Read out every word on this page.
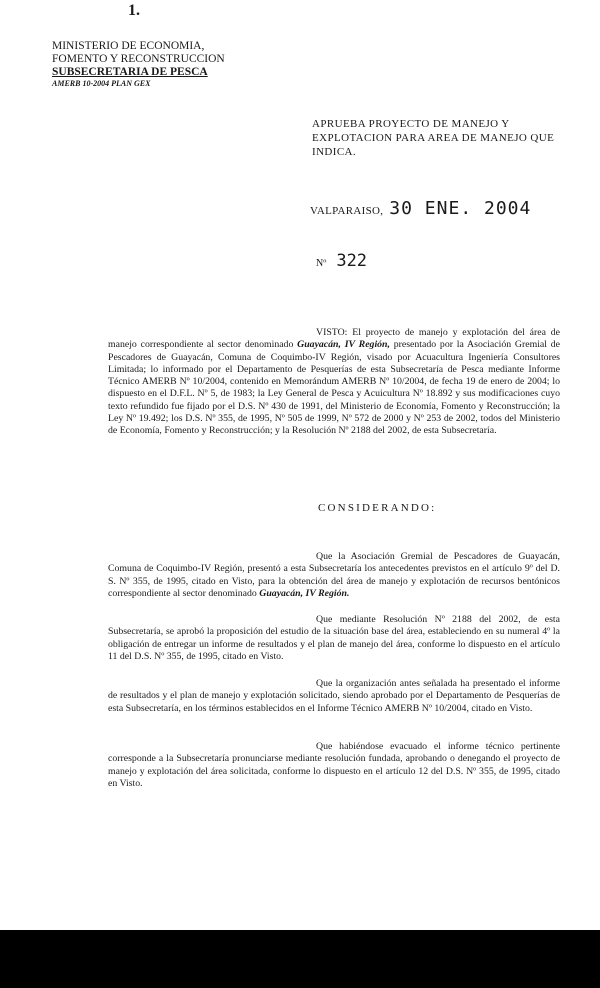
1.
MINISTERIO DE ECONOMIA,
FOMENTO Y RECONSTRUCCION
SUBSECRETARIA DE PESCA
AMERB 10-2004 PLAN GEX
APRUEBA PROYECTO DE MANEJO Y EXPLOTACION PARA AREA DE MANEJO QUE INDICA.
VALPARAISO, 30 ENE. 2004
Nº 322
VISTO: El proyecto de manejo y explotación del área de manejo correspondiente al sector denominado Guayacán, IV Región, presentado por la Asociación Gremial de Pescadores de Guayacán, Comuna de Coquimbo-IV Región, visado por Acuacultura Ingeniería Consultores Limitada; lo informado por el Departamento de Pesquerías de esta Subsecretaría de Pesca mediante Informe Técnico AMERB Nº 10/2004, contenido en Memorándum AMERB Nº 10/2004, de fecha 19 de enero de 2004; lo dispuesto en el D.F.L. Nº 5, de 1983; la Ley General de Pesca y Acuicultura Nº 18.892 y sus modificaciones cuyo texto refundido fue fijado por el D.S. Nº 430 de 1991, del Ministerio de Economía, Fomento y Reconstrucción; la Ley Nº 19.492; los D.S. Nº 355, de 1995, Nº 505 de 1999, Nº 572 de 2000 y Nº 253 de 2002, todos del Ministerio de Economía, Fomento y Reconstrucción; y la Resolución Nº 2188 del 2002, de esta Subsecretaría.
CONSIDERANDO:
Que la Asociación Gremial de Pescadores de Guayacán, Comuna de Coquimbo-IV Región, presentó a esta Subsecretaría los antecedentes previstos en el artículo 9º del D. S. Nº 355, de 1995, citado en Visto, para la obtención del área de manejo y explotación de recursos bentónicos correspondiente al sector denominado Guayacán, IV Región.
Que mediante Resolución Nº 2188 del 2002, de esta Subsecretaría, se aprobó la proposición del estudio de la situación base del área, estableciendo en su numeral 4º la obligación de entregar un informe de resultados y el plan de manejo del área, conforme lo dispuesto en el artículo 11 del D.S. Nº 355, de 1995, citado en Visto.
Que la organización antes señalada ha presentado el informe de resultados y el plan de manejo y explotación solicitado, siendo aprobado por el Departamento de Pesquerías de esta Subsecretaría, en los términos establecidos en el Informe Técnico AMERB Nº 10/2004, citado en Visto.
Que habiéndose evacuado el informe técnico pertinente corresponde a la Subsecretaría pronunciarse mediante resolución fundada, aprobando o denegando el proyecto de manejo y explotación del área solicitada, conforme lo dispuesto en el artículo 12 del D.S. Nº 355, de 1995, citado en Visto.
